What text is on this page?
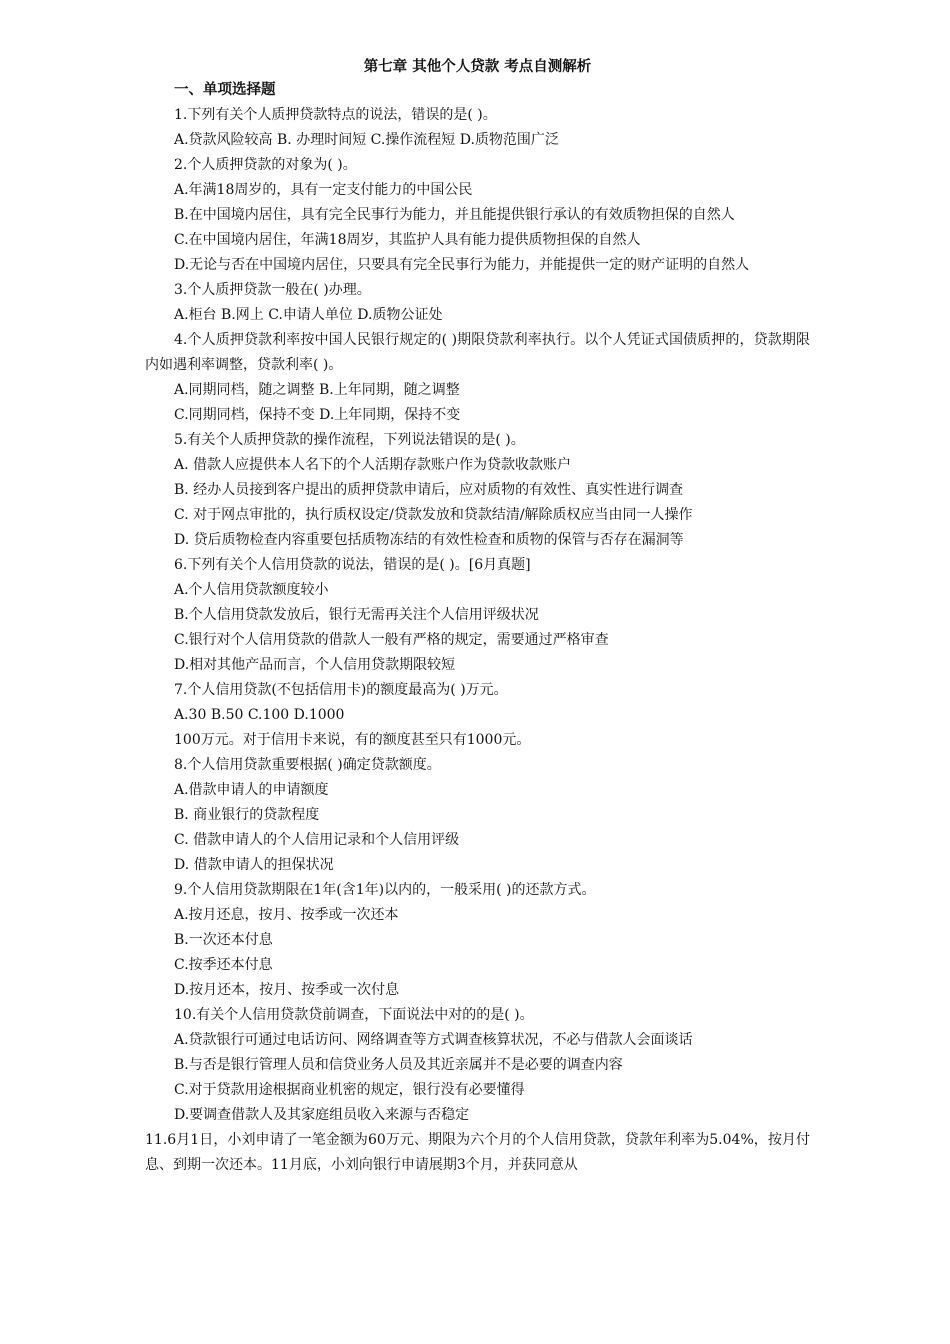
第七章 其他个人贷款 考点自测解析
一、单项选择题
1.下列有关个人质押贷款特点的说法，错误的是( )。
A.贷款风险较高 B. 办理时间短 C.操作流程短 D.质物范围广泛
2.个人质押贷款的对象为( )。
A.年满18周岁的，具有一定支付能力的中国公民
B.在中国境内居住，具有完全民事行为能力，并且能提供银行承认的有效质物担保的自然人
C.在中国境内居住，年满18周岁，其监护人具有能力提供质物担保的自然人
D.无论与否在中国境内居住，只要具有完全民事行为能力，并能提供一定的财产证明的自然人
3.个人质押贷款一般在( )办理。
A.柜台 B.网上 C.申请人单位 D.质物公证处
4.个人质押贷款利率按中国人民银行规定的( )期限贷款利率执行。以个人凭证式国债质押的，贷款期限内如遇利率调整，贷款利率( )。
A.同期同档，随之调整 B.上年同期，随之调整
C.同期同档，保持不变 D.上年同期，保持不变
5.有关个人质押贷款的操作流程，下列说法错误的是( )。
A. 借款人应提供本人名下的个人活期存款账户作为贷款收款账户
B. 经办人员接到客户提出的质押贷款申请后，应对质物的有效性、真实性进行调查
C. 对于网点审批的，执行质权设定/贷款发放和贷款结清/解除质权应当由同一人操作
D. 贷后质物检查内容重要包括质物冻结的有效性检查和质物的保管与否存在漏洞等
6.下列有关个人信用贷款的说法，错误的是( )。[6月真题]
A.个人信用贷款额度较小
B.个人信用贷款发放后，银行无需再关注个人信用评级状况
C.银行对个人信用贷款的借款人一般有严格的规定，需要通过严格审查
D.相对其他产品而言，个人信用贷款期限较短
7.个人信用贷款(不包括信用卡)的额度最高为( )万元。
A.30 B.50 C.100 D.1000
100万元。对于信用卡来说，有的额度甚至只有1000元。
8.个人信用贷款重要根据( )确定贷款额度。
A.借款申请人的申请额度
B. 商业银行的贷款程度
C. 借款申请人的个人信用记录和个人信用评级
D. 借款申请人的担保状况
9.个人信用贷款期限在1年(含1年)以内的，一般采用( )的还款方式。
A.按月还息，按月、按季或一次还本
B.一次还本付息
C.按季还本付息
D.按月还本，按月、按季或一次付息
10.有关个人信用贷款贷前调查，下面说法中对的的是( )。
A.贷款银行可通过电话访问、网络调查等方式调查核算状况，不必与借款人会面谈话
B.与否是银行管理人员和信贷业务人员及其近亲属并不是必要的调查内容
C.对于贷款用途根据商业机密的规定，银行没有必要懂得
D.要调查借款人及其家庭组员收入来源与否稳定
11.6月1日，小刘申请了一笔金额为60万元、期限为六个月的个人信用贷款，贷款年利率为5.04%，按月付息、到期一次还本。11月底，小刘向银行申请展期3个月，并获同意从
